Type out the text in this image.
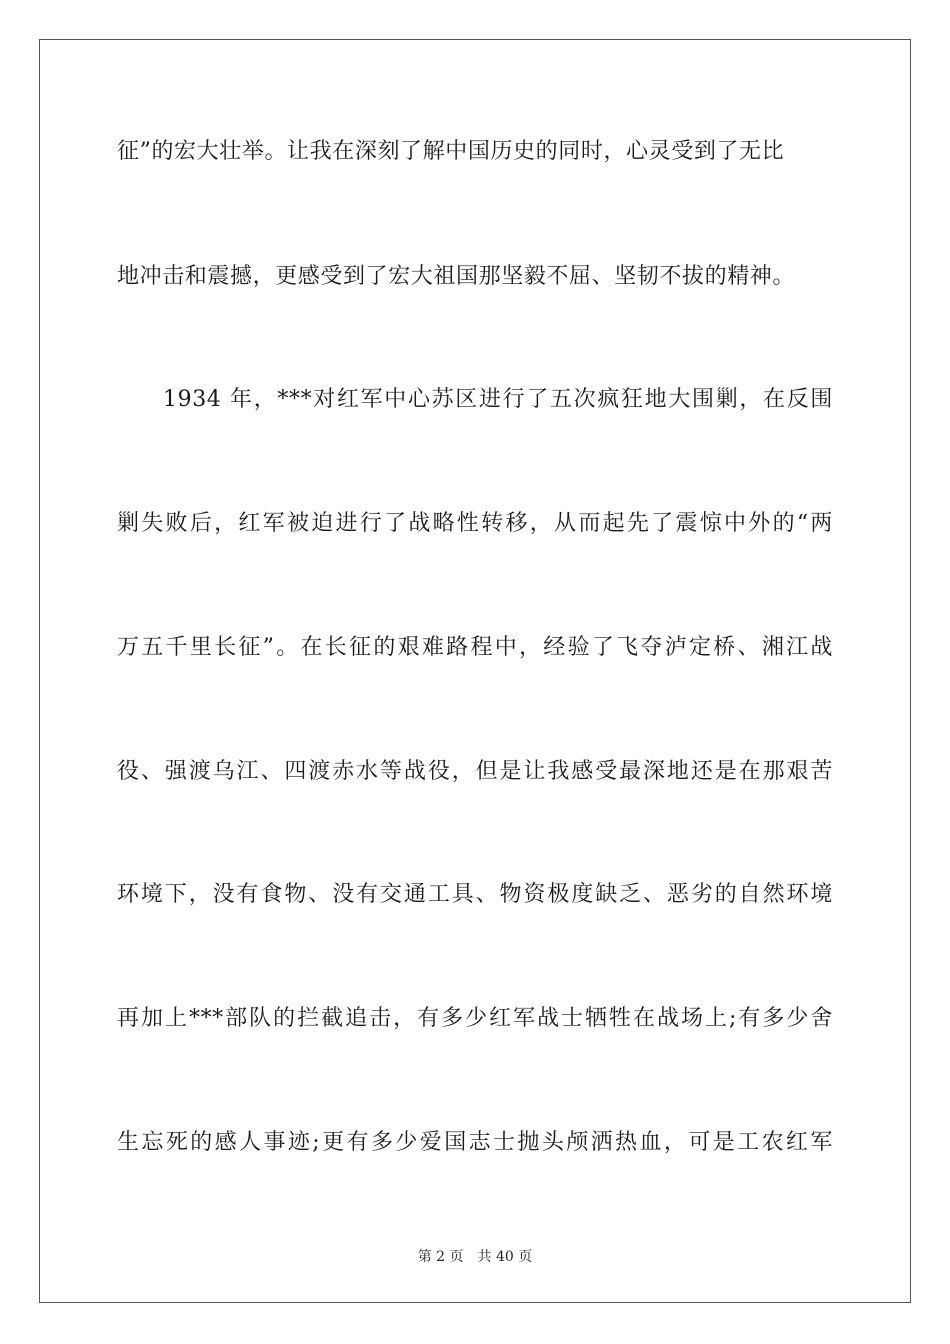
征”的宏大壮举。让我在深刻了解中国历史的同时，心灵受到了无比
地冲击和震撼，更感受到了宏大祖国那坚毅不屈、坚韧不拔的精神。
1934 年，***对红军中心苏区进行了五次疯狂地大围剿，在反围
剿失败后，红军被迫进行了战略性转移，从而起先了震惊中外的“两
万五千里长征”。在长征的艰难路程中，经验了飞夺泸定桥、湘江战
役、强渡乌江、四渡赤水等战役，但是让我感受最深地还是在那艰苦
环境下，没有食物、没有交通工具、物资极度缺乏、恶劣的自然环境
再加上***部队的拦截追击，有多少红军战士牺牲在战场上;有多少舍
生忘死的感人事迹;更有多少爱国志士抛头颅洒热血，可是工农红军
第 2 页 共 40 页
